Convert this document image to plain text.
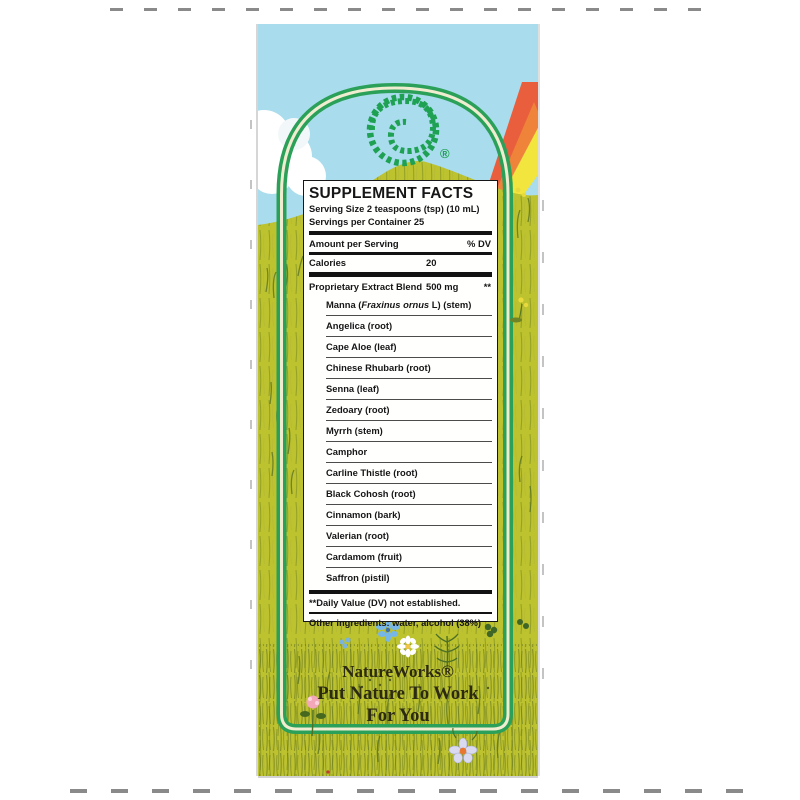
®
SUPPLEMENT FACTS
Serving Size 2 teaspoons (tsp) (10 mL)
Servings per Container 25
Amount per Serving	% DV
Calories	20
Proprietary Extract Blend 500 mg	**
Manna (Fraxinus ornus L) (stem)
Angelica (root)
Cape Aloe (leaf)
Chinese Rhubarb (root)
Senna (leaf)
Zedoary (root)
Myrrh (stem)
Camphor
Carline Thistle (root)
Black Cohosh (root)
Cinnamon (bark)
Valerian (root)
Cardamom (fruit)
Saffron (pistil)
**Daily Value (DV) not established.
Other ingredients: water, alcohol (38%)
NatureWorks®
Put Nature To Work
For You
